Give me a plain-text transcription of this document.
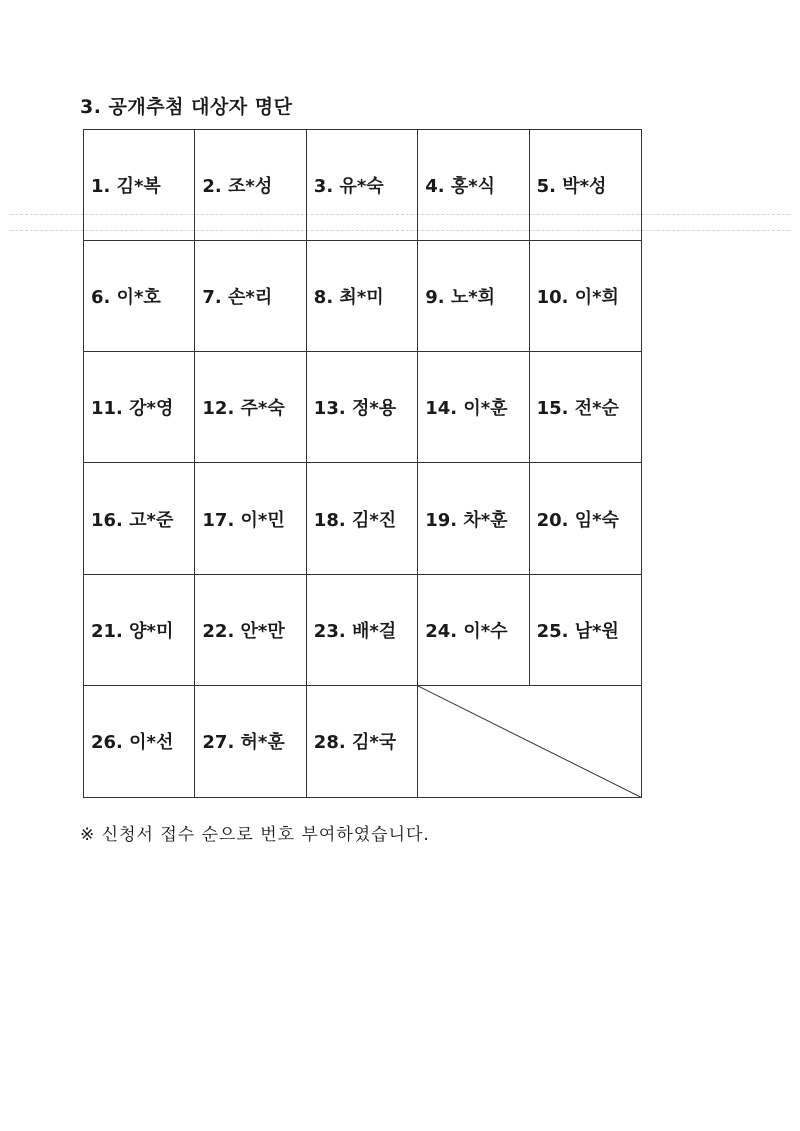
3. 공개추첨 대상자 명단
1. 김*복	2. 조*성	3. 유*숙	4. 홍*식	5. 박*성
6. 이*호	7. 손*리	8. 최*미	9. 노*희	10. 이*희
11. 강*영	12. 주*숙	13. 정*용	14. 이*훈	15. 전*순
16. 고*준	17. 이*민	18. 김*진	19. 차*훈	20. 임*숙
21. 양*미	22. 안*만	23. 배*걸	24. 이*수	25. 남*원
26. 이*선	27. 허*훈	28. 김*국
※ 신청서 접수 순으로 번호 부여하였습니다.
